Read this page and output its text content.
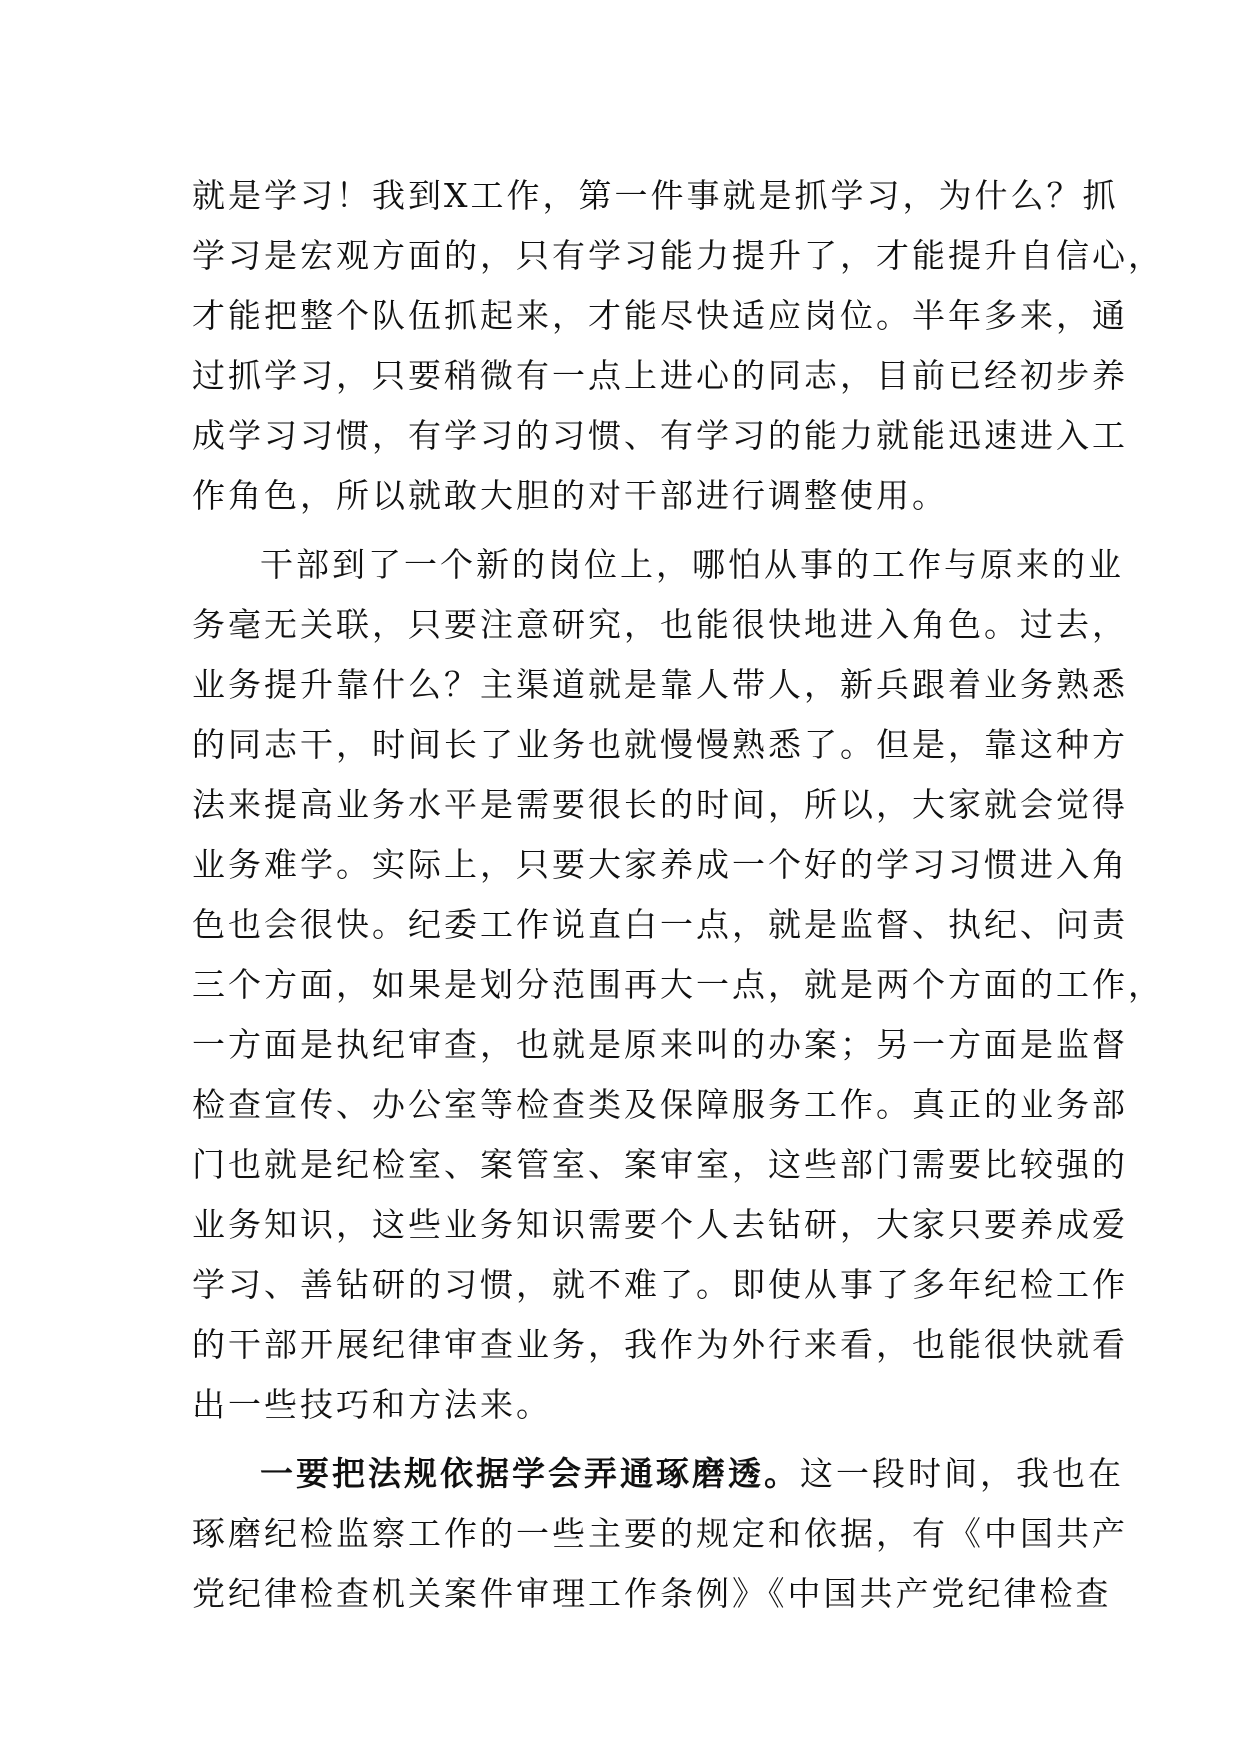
就是学习！我到X工作，第一件事就是抓学习，为什么？抓
学习是宏观方面的，只有学习能力提升了，才能提升自信心，
才能把整个队伍抓起来，才能尽快适应岗位。半年多来，通
过抓学习，只要稍微有一点上进心的同志，目前已经初步养
成学习习惯，有学习的习惯、有学习的能力就能迅速进入工
作角色，所以就敢大胆的对干部进行调整使用。
干部到了一个新的岗位上，哪怕从事的工作与原来的业
务毫无关联，只要注意研究，也能很快地进入角色。过去，
业务提升靠什么？主渠道就是靠人带人，新兵跟着业务熟悉
的同志干，时间长了业务也就慢慢熟悉了。但是，靠这种方
法来提高业务水平是需要很长的时间，所以，大家就会觉得
业务难学。实际上，只要大家养成一个好的学习习惯进入角
色也会很快。纪委工作说直白一点，就是监督、执纪、问责
三个方面，如果是划分范围再大一点，就是两个方面的工作，
一方面是执纪审查，也就是原来叫的办案；另一方面是监督
检查宣传、办公室等检查类及保障服务工作。真正的业务部
门也就是纪检室、案管室、案审室，这些部门需要比较强的
业务知识，这些业务知识需要个人去钻研，大家只要养成爱
学习、善钻研的习惯，就不难了。即使从事了多年纪检工作
的干部开展纪律审查业务，我作为外行来看，也能很快就看
出一些技巧和方法来。
一要把法规依据学会弄通琢磨透。这一段时间，我也在
琢磨纪检监察工作的一些主要的规定和依据，有《中国共产
党纪律检查机关案件审理工作条例》《中国共产党纪律检查
